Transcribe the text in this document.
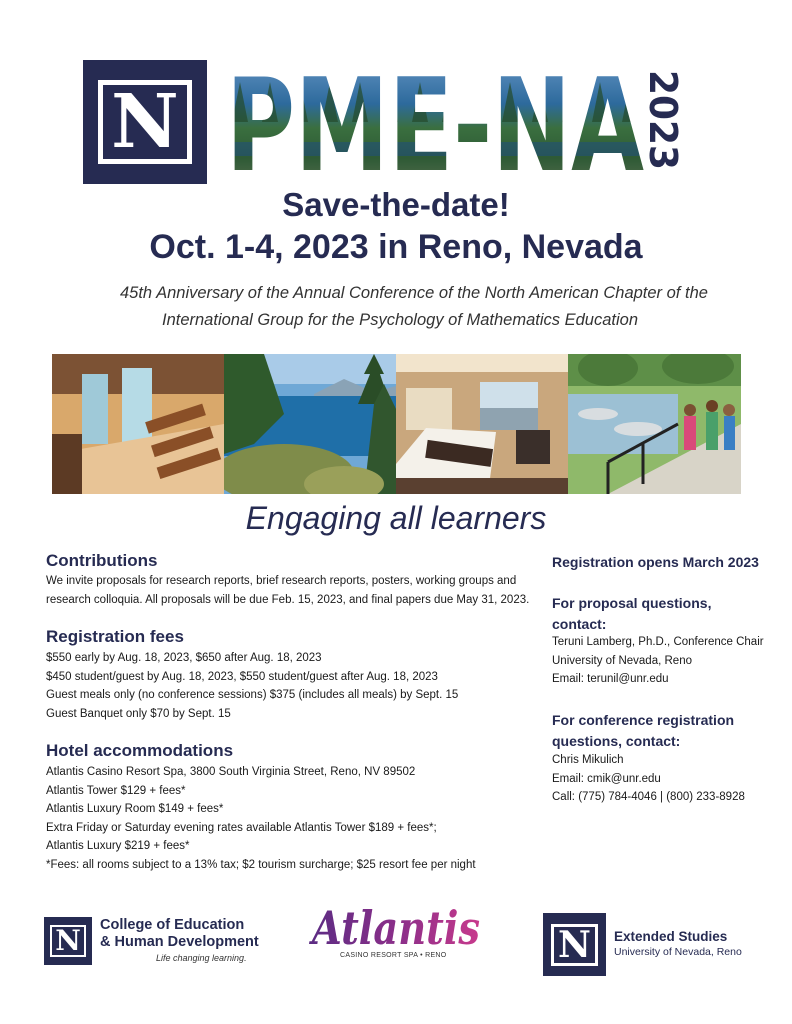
N PME-NA
2023
Save-the-date!
Oct. 1-4, 2023 in Reno, Nevada
45th Anniversary of the Annual Conference of the North American Chapter of the
International Group for the Psychology of Mathematics Education
Engaging all learners
Contributions
We invite proposals for research reports, brief research reports, posters, working groups and
research colloquia. All proposals will be due Feb. 15, 2023, and final papers due May 31, 2023.
Registration fees
$550 early by Aug. 18, 2023, $650 after Aug. 18, 2023
$450 student/guest by Aug. 18, 2023, $550 student/guest after Aug. 18, 2023
Guest meals only (no conference sessions) $375 (includes all meals) by Sept. 15
Guest Banquet only $70 by Sept. 15
Hotel accommodations
Atlantis Casino Resort Spa, 3800 South Virginia Street, Reno, NV 89502
Atlantis Tower $129 + fees*
Atlantis Luxury Room $149 + fees*
Extra Friday or Saturday evening rates available Atlantis Tower $189 + fees*;
Atlantis Luxury $219 + fees*
*Fees: all rooms subject to a 13% tax; $2 tourism surcharge; $25 resort fee per night
Registration opens March 2023
For proposal questions,
contact:
Teruni Lamberg, Ph.D., Conference Chair
University of Nevada, Reno
Email: terunil@unr.edu
For conference registration
questions, contact:
Chris Mikulich
Email: cmik@unr.edu
Call: (775) 784-4046 | (800) 233-8928
N	College of Education
& Human Development
Life changing learning.
Atlantis
CASINO RESORT SPA • RENO	N	Extended Studies
University of Nevada, Reno
